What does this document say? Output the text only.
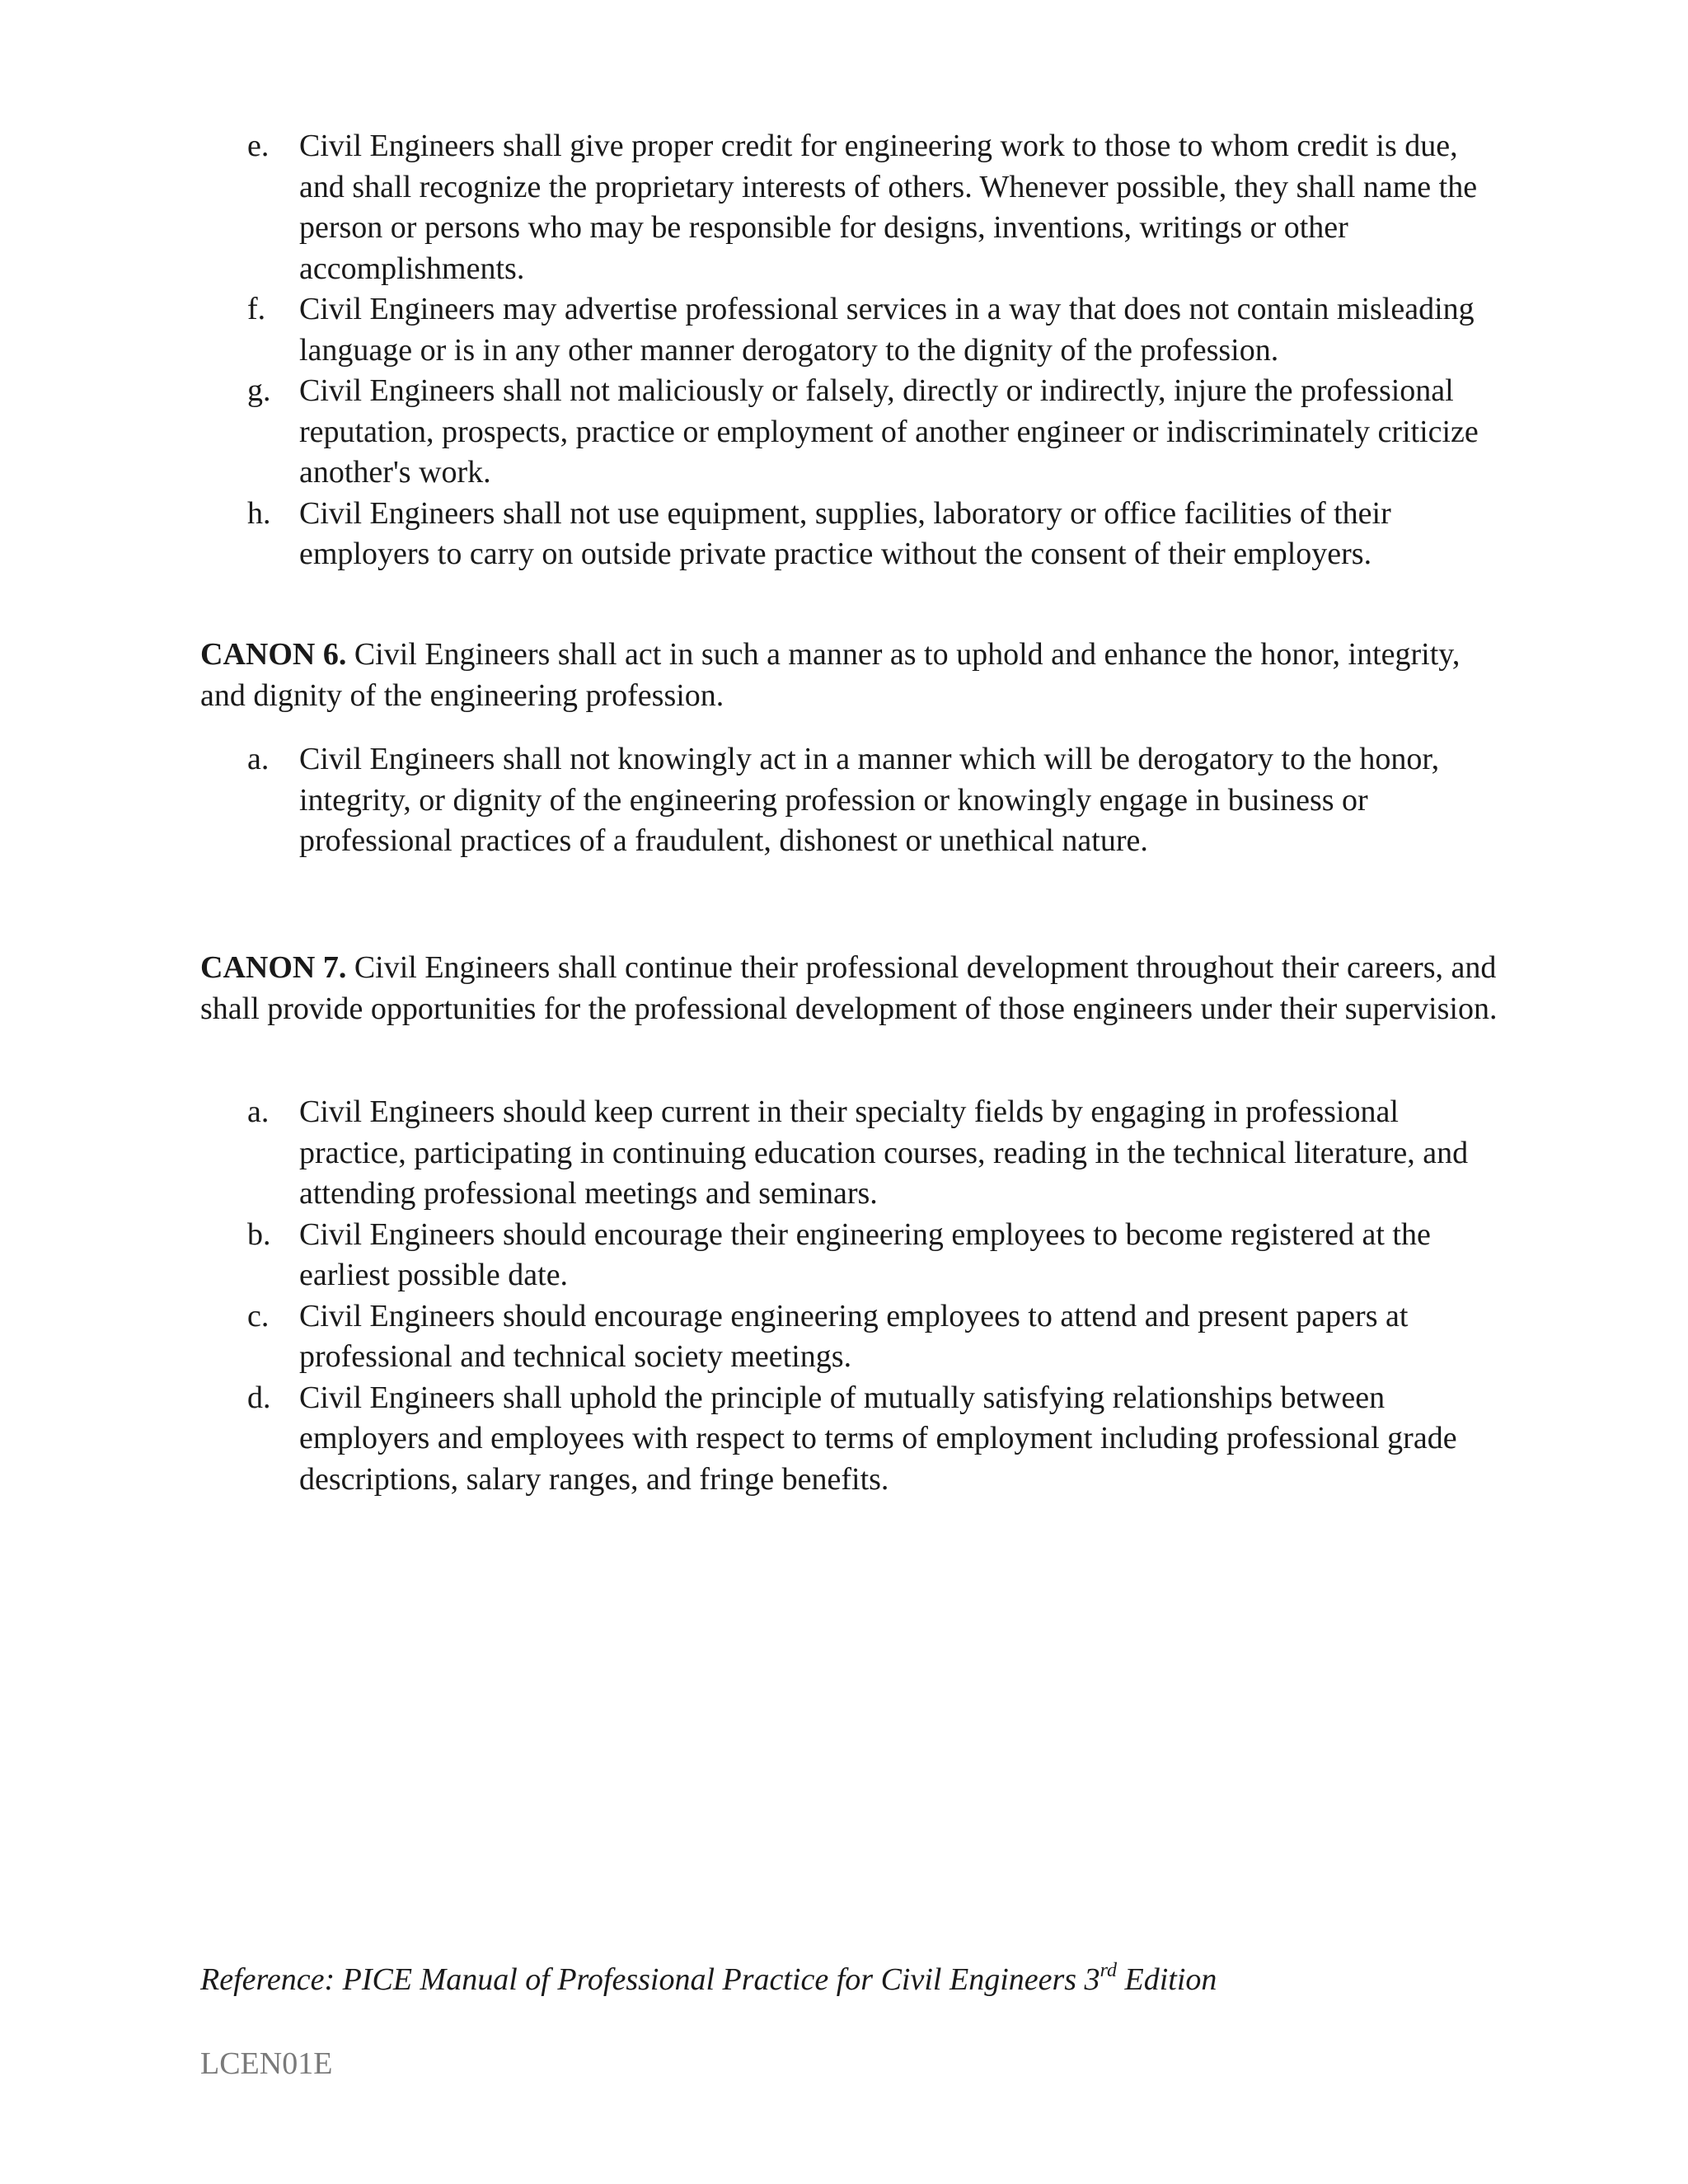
e. Civil Engineers shall give proper credit for engineering work to those to whom credit is due, and shall recognize the proprietary interests of others. Whenever possible, they shall name the person or persons who may be responsible for designs, inventions, writings or other accomplishments.
f.	Civil Engineers may advertise professional services in a way that does not contain misleading language or is in any other manner derogatory to the dignity of the profession.
g. Civil Engineers shall not maliciously or falsely, directly or indirectly, injure the professional reputation, prospects, practice or employment of another engineer or indiscriminately criticize another's work.
h. Civil Engineers shall not use equipment, supplies, laboratory or office facilities of their employers to carry on outside private practice without the consent of their employers.
CANON 6. Civil Engineers shall act in such a manner as to uphold and enhance the honor, integrity, and dignity of the engineering profession.
a. Civil Engineers shall not knowingly act in a manner which will be derogatory to the honor, integrity, or dignity of the engineering profession or knowingly engage in business or professional practices of a fraudulent, dishonest or unethical nature.
CANON 7. Civil Engineers shall continue their professional development throughout their careers, and shall provide opportunities for the professional development of those engineers under their supervision.
a. Civil Engineers should keep current in their specialty fields by engaging in professional practice, participating in continuing education courses, reading in the technical literature, and attending professional meetings and seminars.
b. Civil Engineers should encourage their engineering employees to become registered at the earliest possible date.
c. Civil Engineers should encourage engineering employees to attend and present papers at professional and technical society meetings.
d. Civil Engineers shall uphold the principle of mutually satisfying relationships between employers and employees with respect to terms of employment including professional grade descriptions, salary ranges, and fringe benefits.
Reference: PICE Manual of Professional Practice for Civil Engineers 3rd Edition
LCEN01E
